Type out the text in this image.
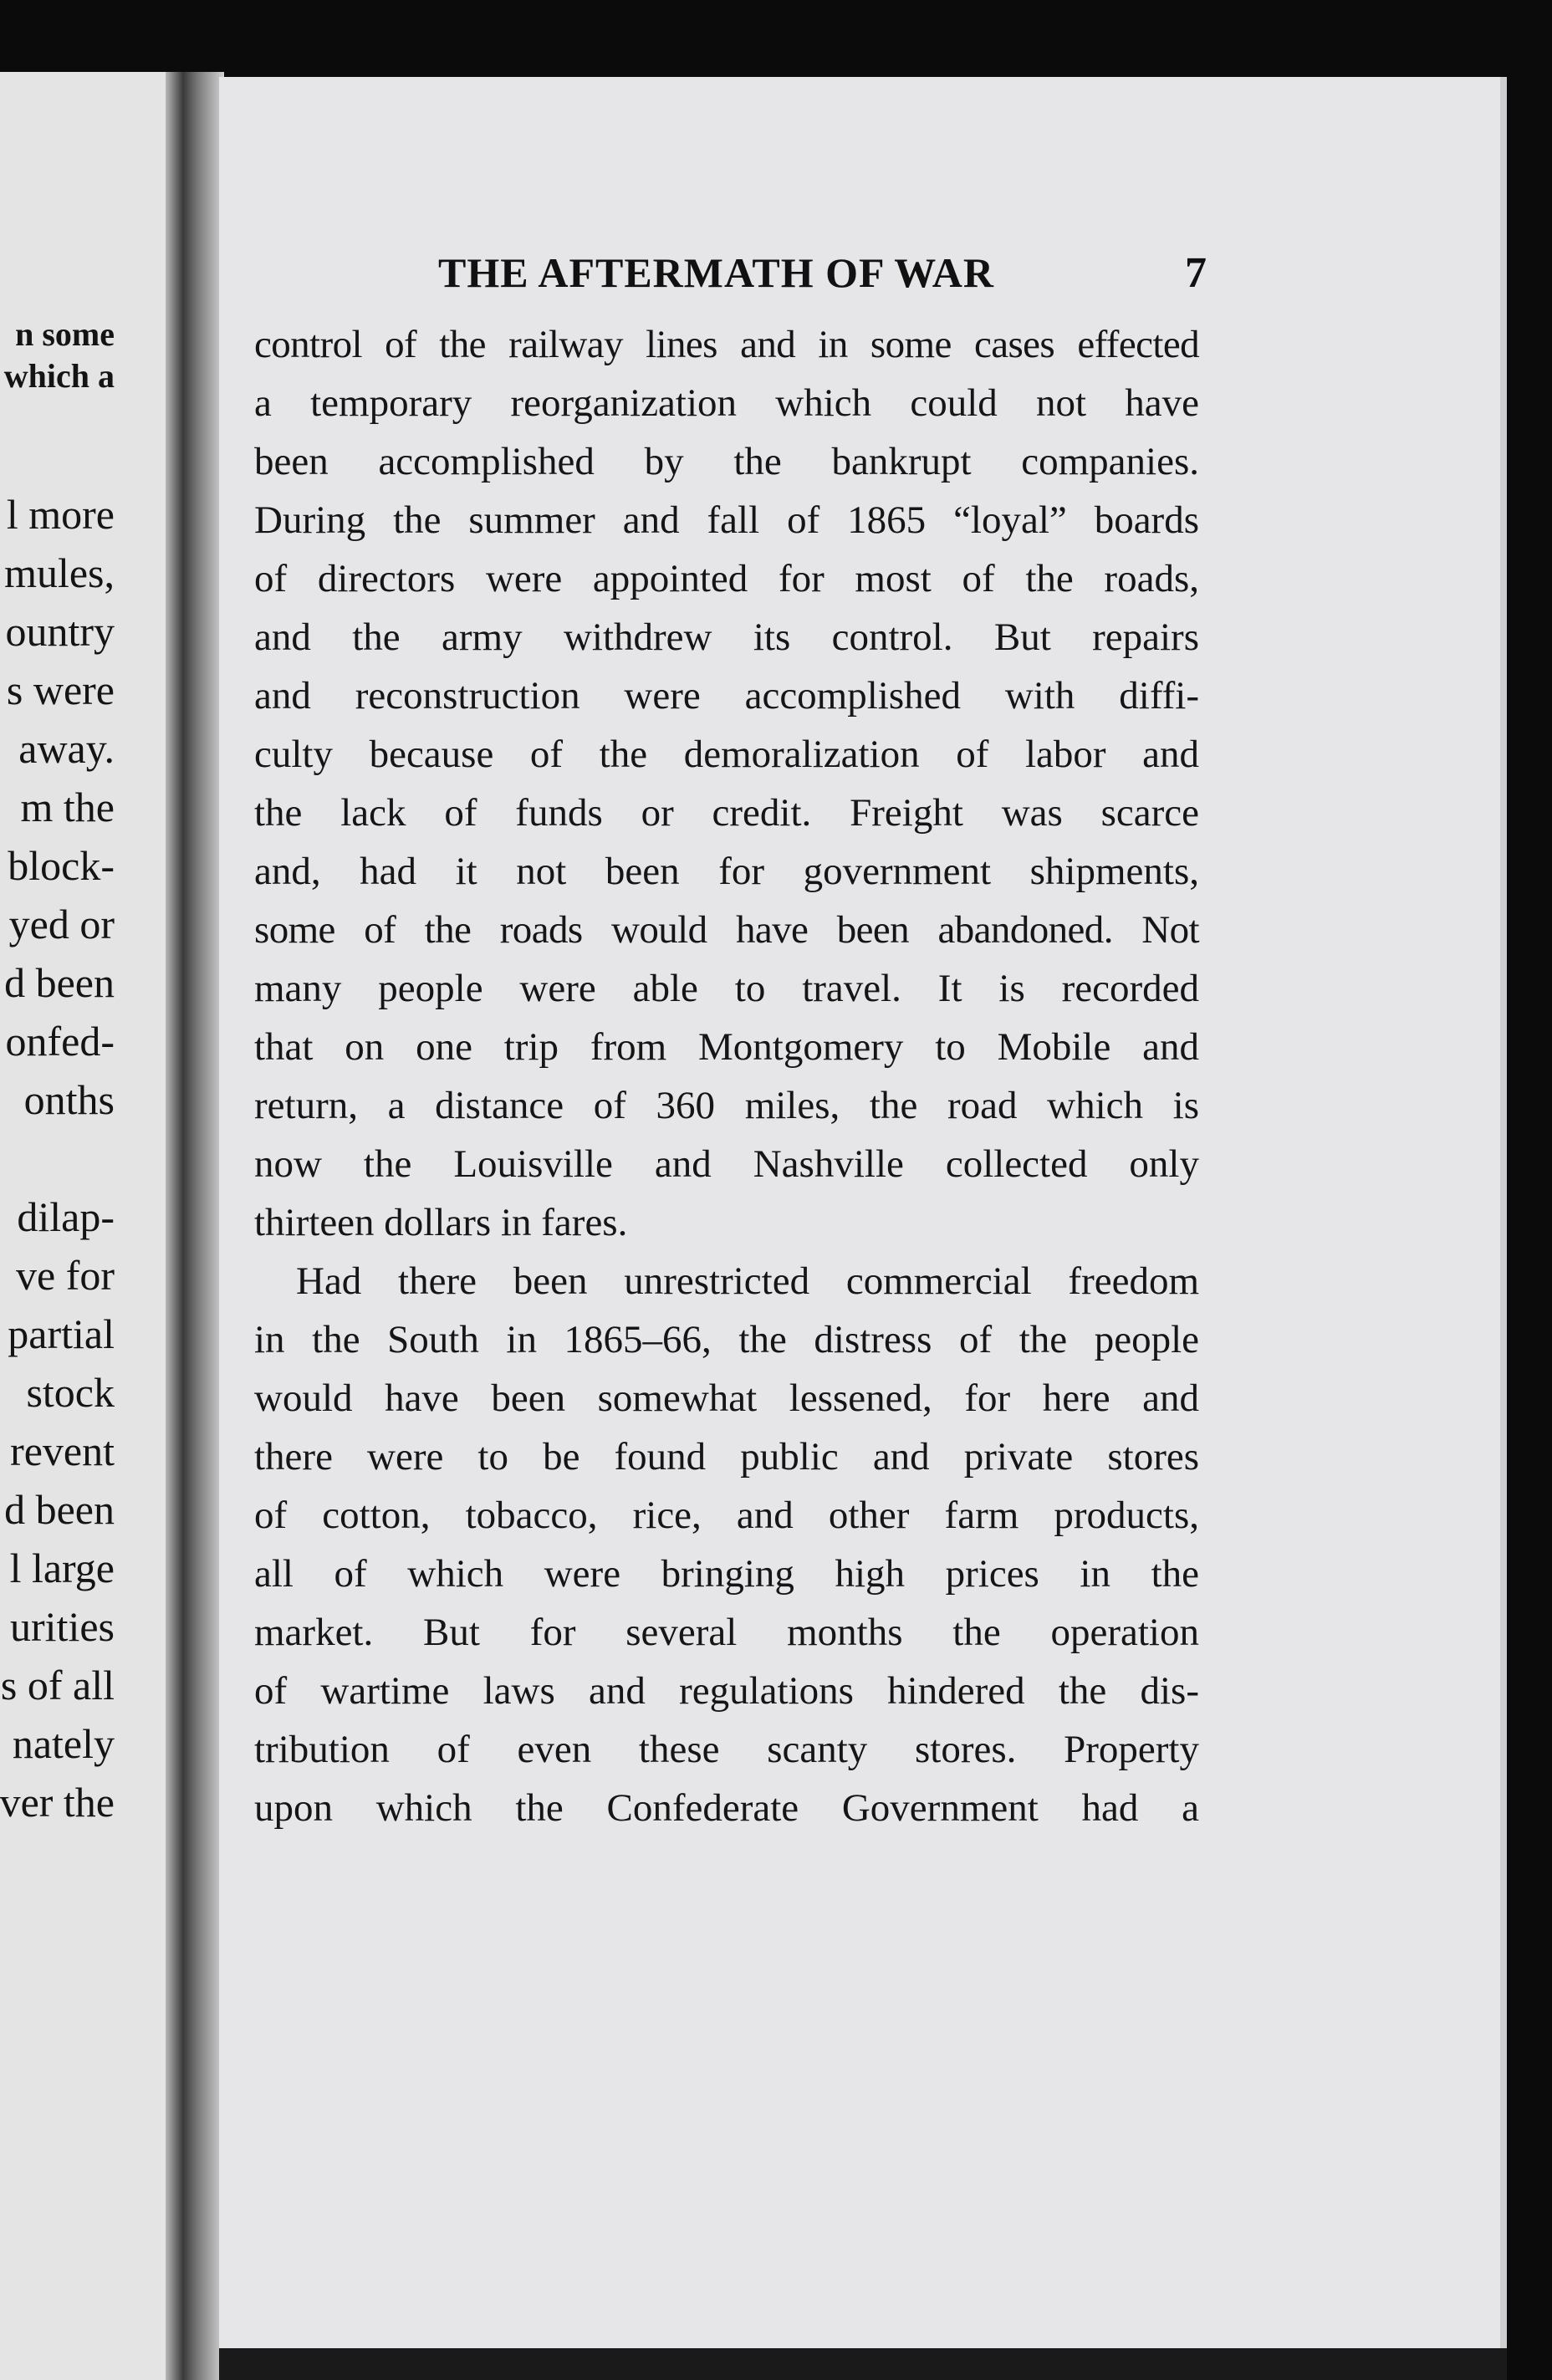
n some
which a
l more
mules,
ountry
s were
away.
m the
block-
yed or
d been
onfed-
onths
dilap-
ve for
partial
stock
revent
d been
l large
urities
s of all
nately
ver the
THE AFTERMATH OF WAR	7
control of the railway lines and in some cases effected
a temporary reorganization which could not have
been accomplished by the bankrupt companies.
During the summer and fall of 1865 “loyal” boards
of directors were appointed for most of the roads,
and the army withdrew its control. But repairs
and reconstruction were accomplished with diffi-
culty because of the demoralization of labor and
the lack of funds or credit. Freight was scarce
and, had it not been for government shipments,
some of the roads would have been abandoned. Not
many people were able to travel. It is recorded
that on one trip from Montgomery to Mobile and
return, a distance of 360 miles, the road which is
now the Louisville and Nashville collected only
thirteen dollars in fares.
Had there been unrestricted commercial freedom
in the South in 1865–66, the distress of the people
would have been somewhat lessened, for here and
there were to be found public and private stores
of cotton, tobacco, rice, and other farm products,
all of which were bringing high prices in the
market. But for several months the operation
of wartime laws and regulations hindered the dis-
tribution of even these scanty stores. Property
upon which the Confederate Government had a
